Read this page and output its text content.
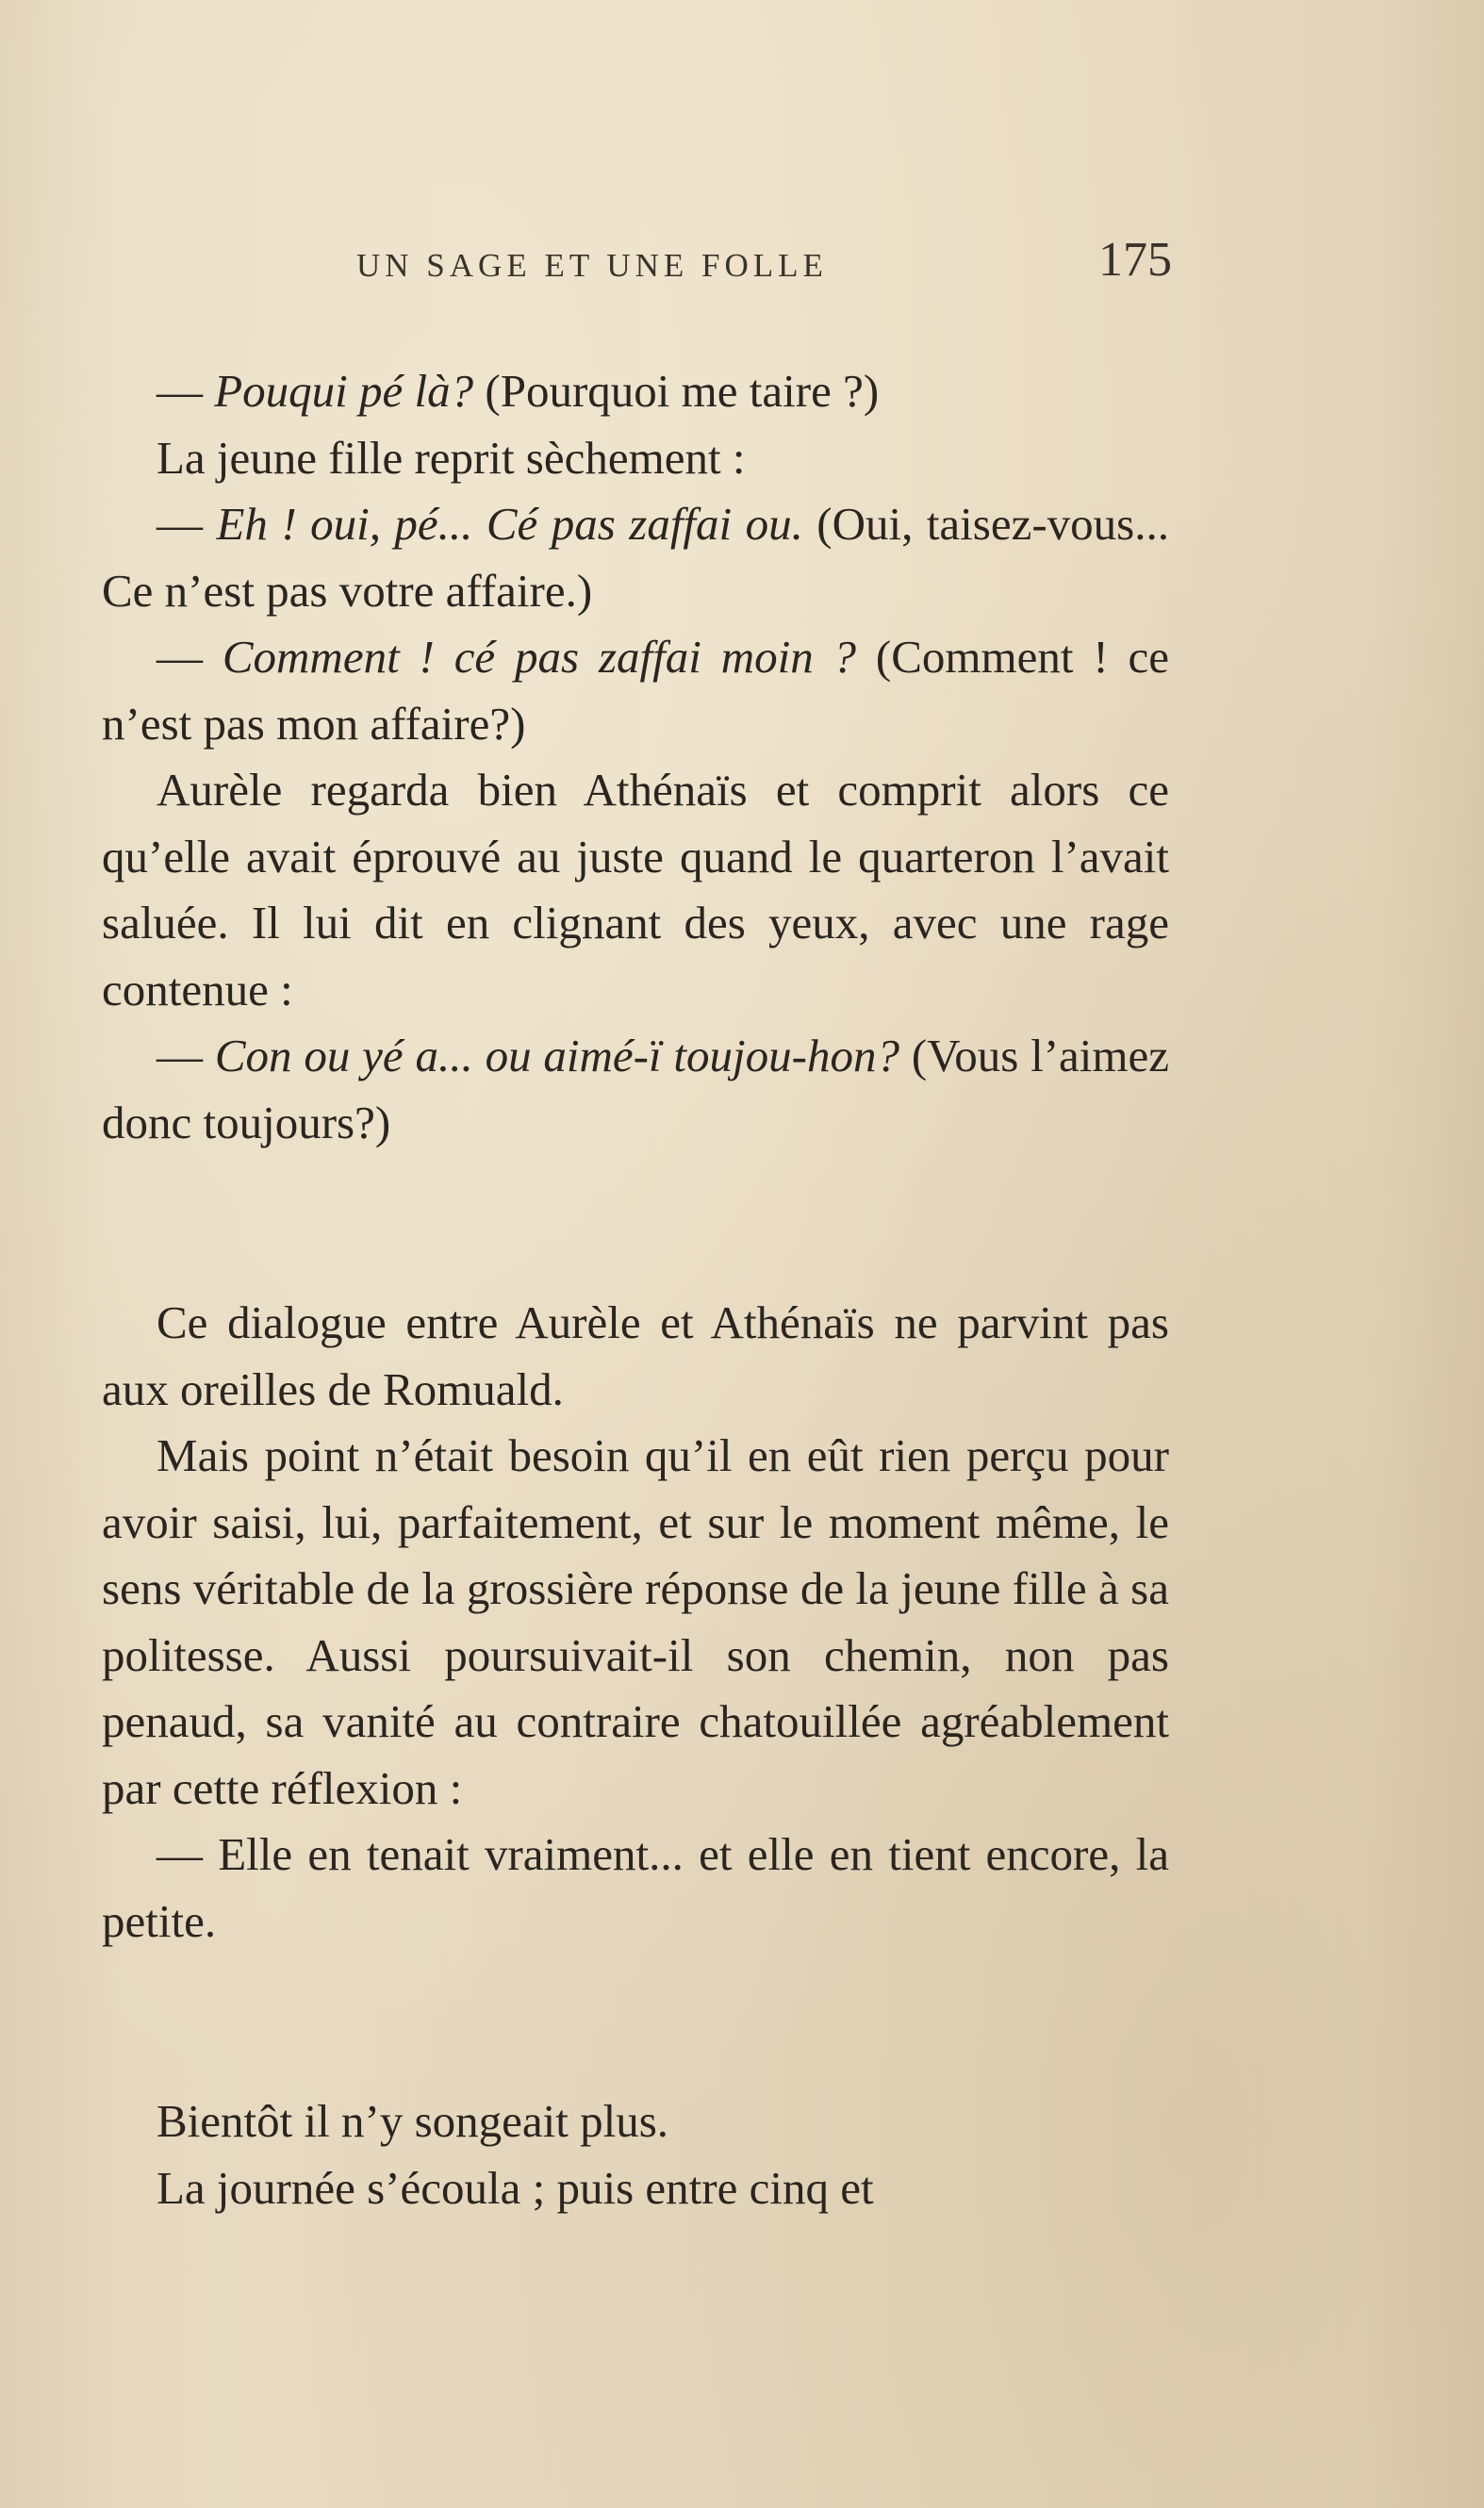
UN SAGE ET UNE FOLLE	175

— Pouqui pé là? (Pourquoi me taire ?)

La jeune fille reprit sèchement :

— Eh ! oui, pé... Cé pas zaffai ou. (Oui, taisez-vous... Ce n’est pas votre affaire.)

— Comment ! cé pas zaffai moin ? (Comment ! ce n’est pas mon affaire?)

Aurèle regarda bien Athénaïs et comprit alors ce qu’elle avait éprouvé au juste quand le quarteron l’avait saluée. Il lui dit en clignant des yeux, avec une rage contenue :

— Con ou yé a... ou aimé-ï toujou-hon? (Vous l’aimez donc toujours?)

Ce dialogue entre Aurèle et Athénaïs ne parvint pas aux oreilles de Romuald.

Mais point n’était besoin qu’il en eût rien perçu pour avoir saisi, lui, parfaitement, et sur le moment même, le sens véritable de la grossière réponse de la jeune fille à sa politesse. Aussi poursuivait-il son chemin, non pas penaud, sa vanité au contraire chatouillée agréablement par cette réflexion :

— Elle en tenait vraiment... et elle en tient encore, la petite.

Bientôt il n’y songeait plus.

La journée s’écoula ; puis entre cinq et
